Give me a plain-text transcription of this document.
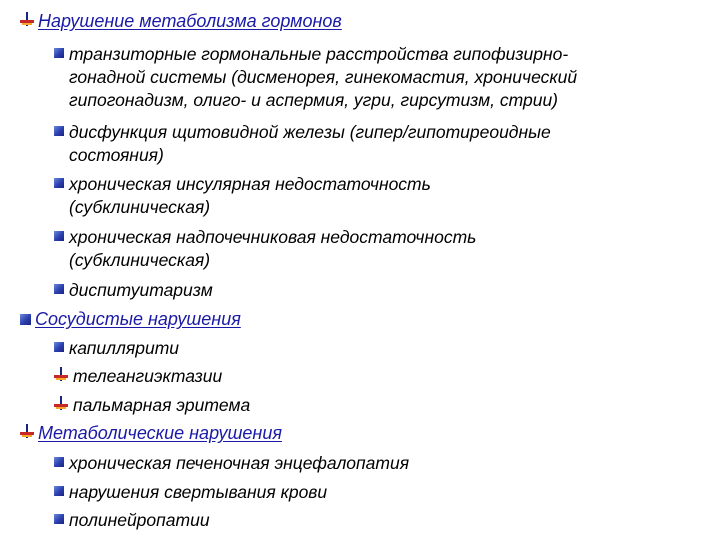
Нарушение метаболизма гормонов
транзиторные гормональные расстройства гипофизирно-
гонадной системы (дисменорея, гинекомастия, хронический
гипогонадизм, олиго- и аспермия, угри, гирсутизм, стрии)
дисфункция щитовидной железы (гипер/гипотиреоидные
состояния)
хроническая инсулярная недостаточность
(субклиническая)
хроническая надпочечниковая недостаточность
(субклиническая)
диспитуитаризм
Сосудистые нарушения
капиллярити
телеангиэктазии
пальмарная эритема
Метаболические нарушения
хроническая печеночная энцефалопатия
нарушения свертывания крови
полинейропатии
